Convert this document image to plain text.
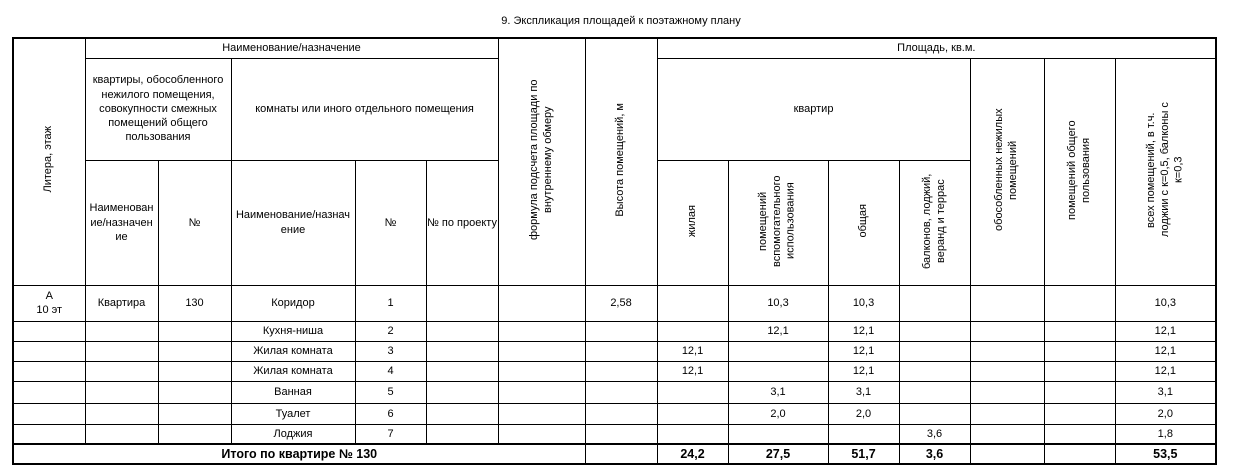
9. Экспликация площадей к поэтажному плану
Литера, этаж	Наименование/назначение					формула подсчета площади по внутреннему обмеру	Высота помещений, м	Площадь, кв.м.						
	квартиры, обособленного нежилого помещения, совокупности смежных помещений общего пользования		комнаты или иного отдельного помещения					квартир				обособленных нежилых помещений	помещений общего пользования	всех помещений, в т.ч. лоджии с к=0,5, балконы с к=0,3
	Наименован ие/назначен ие	№	Наименование/назнач ение	№	№ по проекту			жилая	помещений вспомогательного использования	общая	балконов, лоджий, веранд и террас			
А
10 эт	Квартира	130	Коридор	1			2,58		10,3	10,3				10,3
			Кухня-ниша	2					12,1	12,1				12,1
			Жилая комната	3				12,1		12,1				12,1
			Жилая комната	4				12,1		12,1				12,1
			Ванная	5					3,1	3,1				3,1
			Туалет	6					2,0	2,0				2,0
			Лоджия	7							3,6			1,8
Итого по квартире № 130								24,2	27,5	51,7	3,6			53,5
